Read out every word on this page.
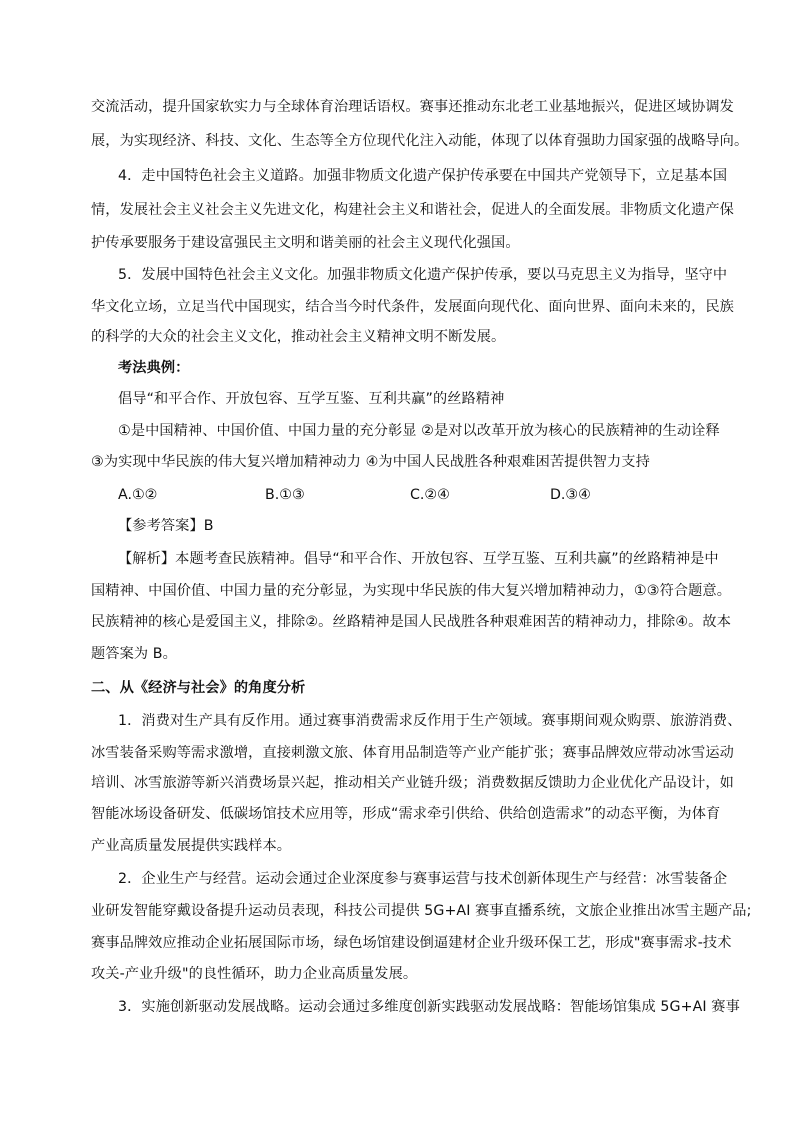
交流活动，提升国家软实力与全球体育治理话语权。赛事还推动东北老工业基地振兴，促进区域协调发
展，为实现经济、科技、文化、生态等全方位现代化注入动能，体现了以体育强助力国家强的战略导向。
4．走中国特色社会主义道路。加强非物质文化遗产保护传承要在中国共产党领导下，立足基本国
情，发展社会主义社会主义先进文化，构建社会主义和谐社会，促进人的全面发展。非物质文化遗产保
护传承要服务于建设富强民主文明和谐美丽的社会主义现代化强国。
5．发展中国特色社会主义文化。加强非物质文化遗产保护传承，要以马克思主义为指导，坚守中
华文化立场，立足当代中国现实，结合当今时代条件，发展面向现代化、面向世界、面向未来的，民族
的科学的大众的社会主义文化，推动社会主义精神文明不断发展。
考法典例：
倡导“和平合作、开放包容、互学互鉴、互利共赢”的丝路精神
①是中国精神、中国价值、中国力量的充分彰显 ②是对以改革开放为核心的民族精神的生动诠释
③为实现中华民族的伟大复兴增加精神动力 ④为中国人民战胜各种艰难困苦提供智力支持
A.①②	B.①③	C.②④	D.③④
【参考答案】B
【解析】本题考查民族精神。倡导“和平合作、开放包容、互学互鉴、互利共赢”的丝路精神是中
国精神、中国价值、中国力量的充分彰显，为实现中华民族的伟大复兴增加精神动力，①③符合题意。
民族精神的核心是爱国主义，排除②。丝路精神是国人民战胜各种艰难困苦的精神动力，排除④。故本
题答案为 B。
二、从《经济与社会》的角度分析
1．消费对生产具有反作用。通过赛事消费需求反作用于生产领域。赛事期间观众购票、旅游消费、
冰雪装备采购等需求激增，直接刺激文旅、体育用品制造等产业产能扩张；赛事品牌效应带动冰雪运动
培训、冰雪旅游等新兴消费场景兴起，推动相关产业链升级；消费数据反馈助力企业优化产品设计，如
智能冰场设备研发、低碳场馆技术应用等，形成“需求牵引供给、供给创造需求”的动态平衡，为体育
产业高质量发展提供实践样本。
2．企业生产与经营。运动会通过企业深度参与赛事运营与技术创新体现生产与经营：冰雪装备企
业研发智能穿戴设备提升运动员表现，科技公司提供 5G+AI 赛事直播系统，文旅企业推出冰雪主题产品;
赛事品牌效应推动企业拓展国际市场，绿色场馆建设倒逼建材企业升级环保工艺，形成"赛事需求-技术
攻关-产业升级"的良性循环，助力企业高质量发展。
3．实施创新驱动发展战略。运动会通过多维度创新实践驱动发展战略：智能场馆集成 5G+AI 赛事
